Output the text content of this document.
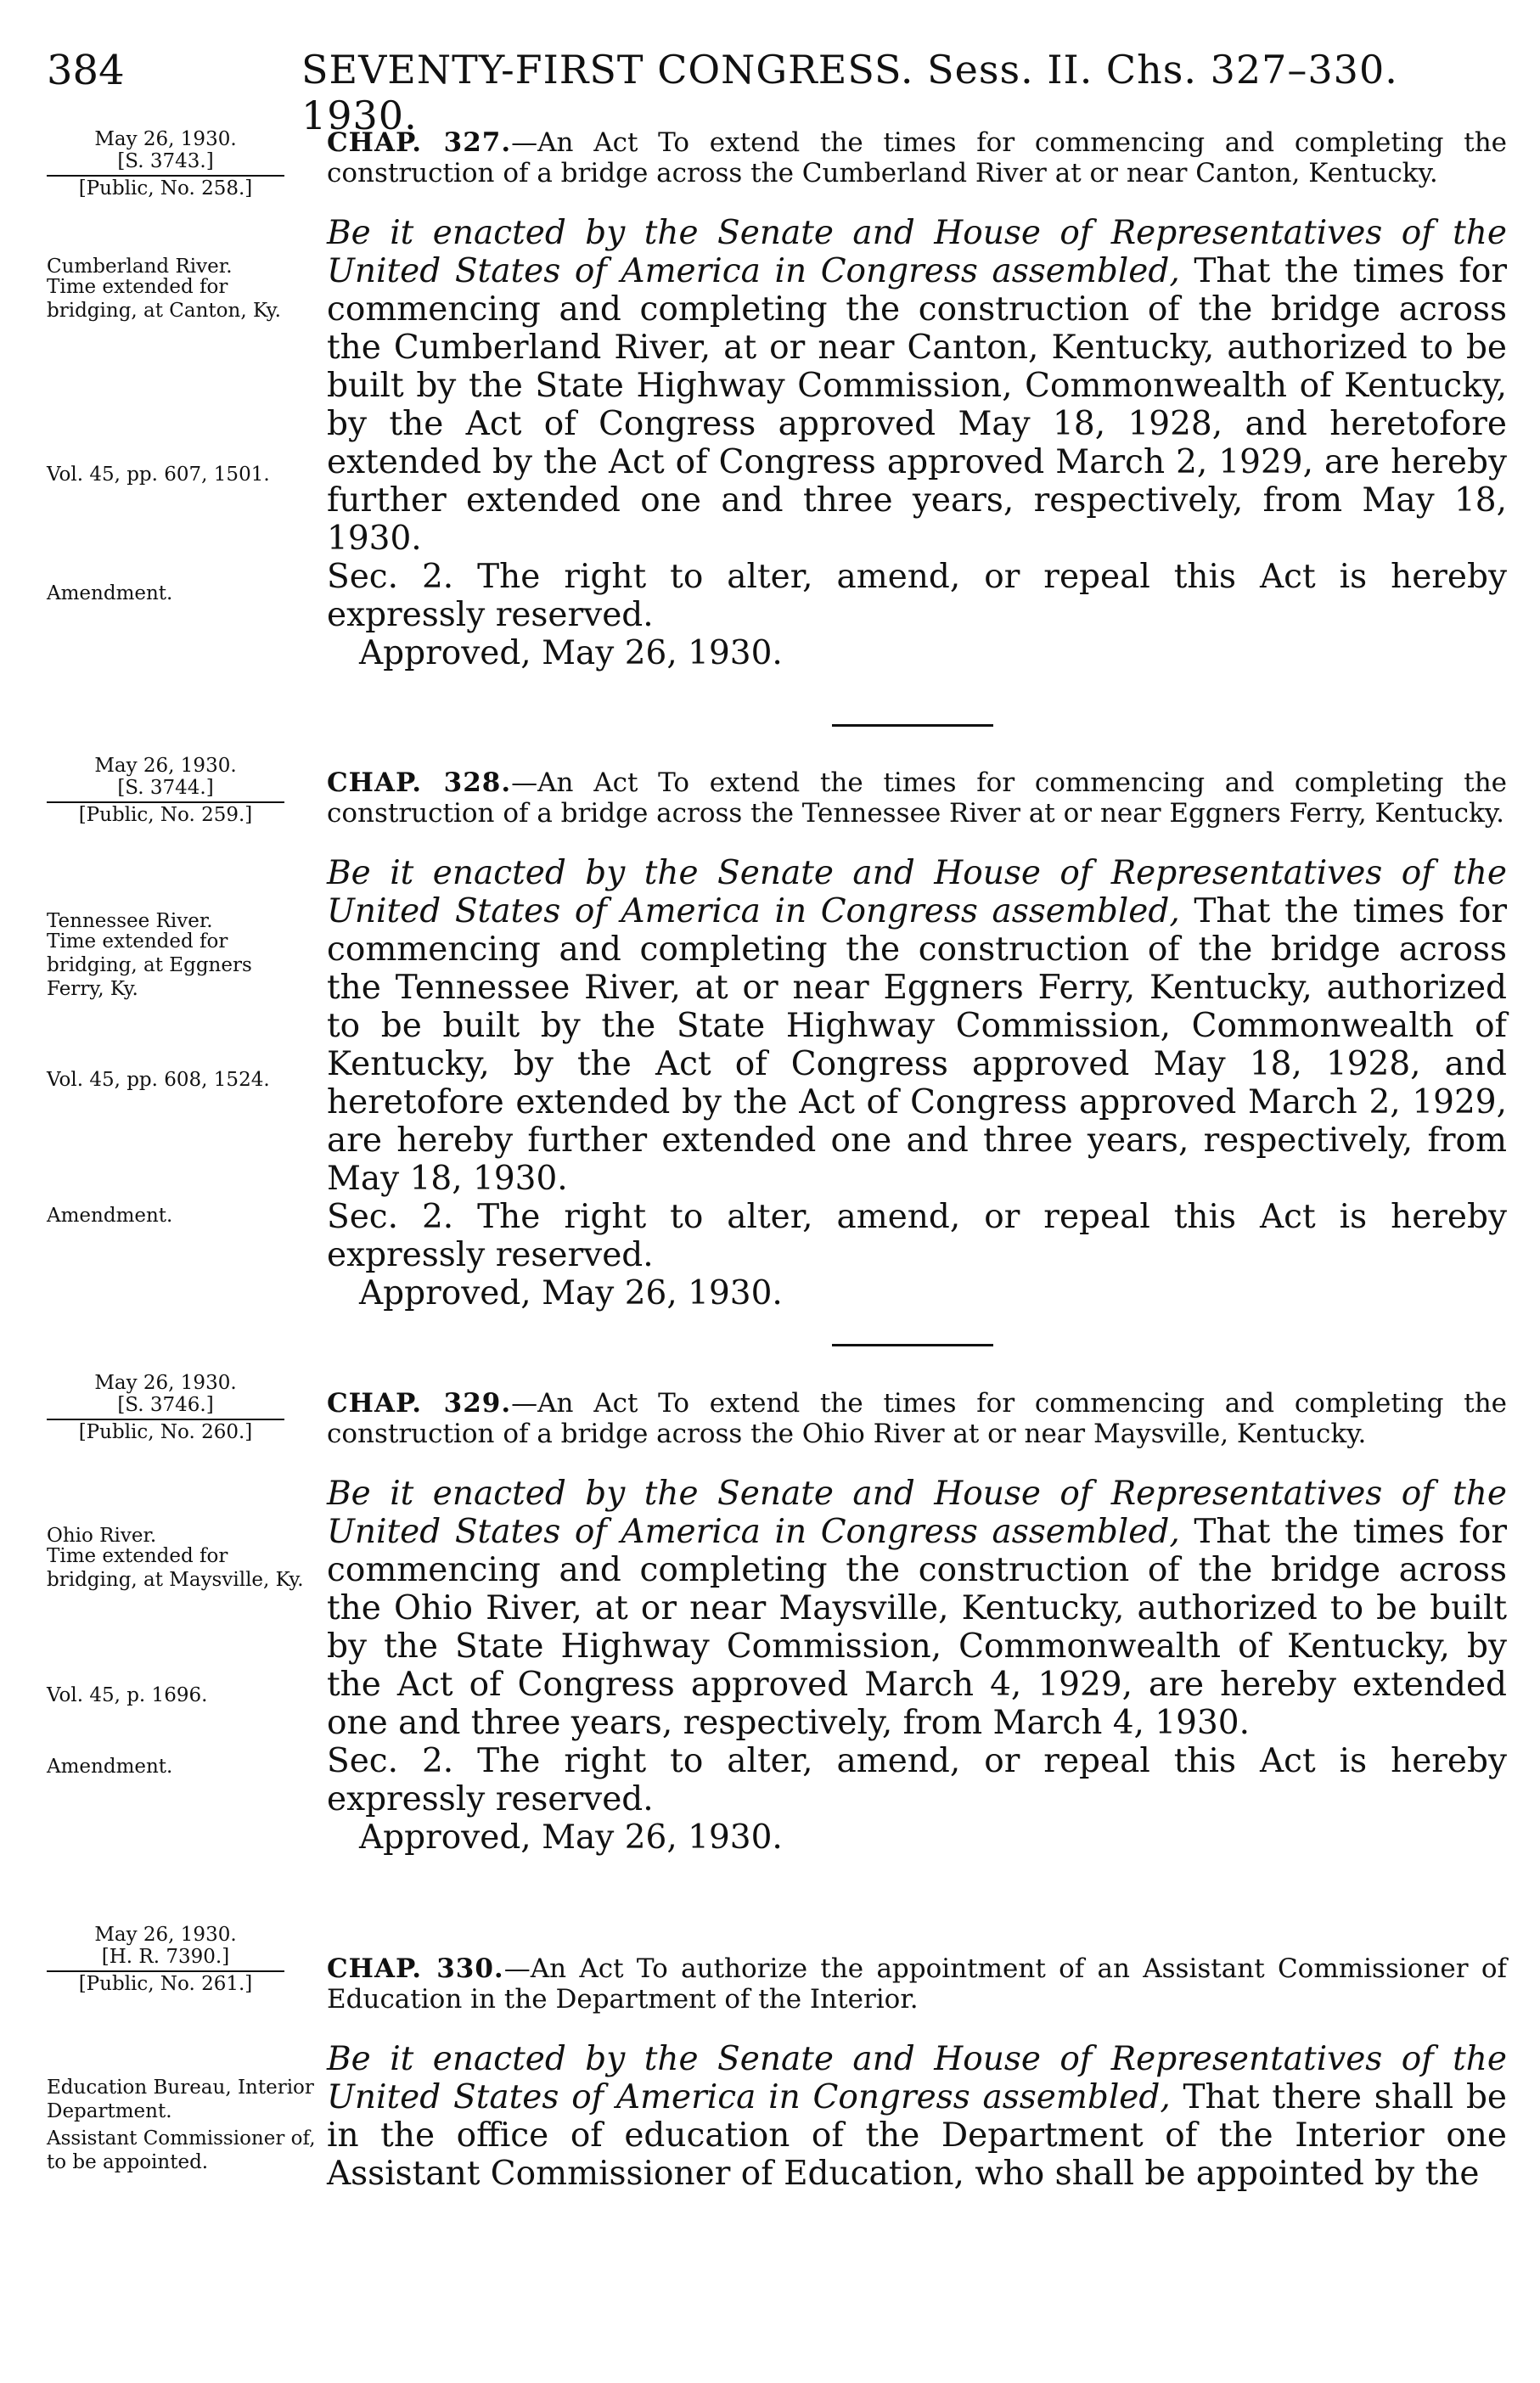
384	SEVENTY-FIRST CONGRESS. Sess. II. Chs. 327–330. 1930.
May 26, 1930.
[S. 3743.]
[Public, No. 258.]
Cumberland River.
Time extended for bridging, at Canton, Ky.
Vol. 45, pp. 607, 1501.
Amendment.

CHAP. 327.—An Act To extend the times for commencing and completing the construction of a bridge across the Cumberland River at or near Canton, Kentucky.

Be it enacted by the Senate and House of Representatives of the United States of America in Congress assembled, That the times for commencing and completing the construction of the bridge across the Cumberland River, at or near Canton, Kentucky, authorized to be built by the State Highway Commission, Commonwealth of Kentucky, by the Act of Congress approved May 18, 1928, and heretofore extended by the Act of Congress approved March 2, 1929, are hereby further extended one and three years, respectively, from May 18, 1930.

Sec. 2. The right to alter, amend, or repeal this Act is hereby expressly reserved.

Approved, May 26, 1930.

May 26, 1930.
[S. 3744.]
[Public, No. 259.]
Tennessee River.
Time extended for bridging, at Eggners Ferry, Ky.
Vol. 45, pp. 608, 1524.
Amendment.

CHAP. 328.—An Act To extend the times for commencing and completing the construction of a bridge across the Tennessee River at or near Eggners Ferry, Kentucky.

Be it enacted by the Senate and House of Representatives of the United States of America in Congress assembled, That the times for commencing and completing the construction of the bridge across the Tennessee River, at or near Eggners Ferry, Kentucky, authorized to be built by the State Highway Commission, Commonwealth of Kentucky, by the Act of Congress approved May 18, 1928, and heretofore extended by the Act of Congress approved March 2, 1929, are hereby further extended one and three years, respectively, from May 18, 1930.

Sec. 2. The right to alter, amend, or repeal this Act is hereby expressly reserved.

Approved, May 26, 1930.

May 26, 1930.
[S. 3746.]
[Public, No. 260.]
Ohio River.
Time extended for bridging, at Maysville, Ky.
Vol. 45, p. 1696.
Amendment.

CHAP. 329.—An Act To extend the times for commencing and completing the construction of a bridge across the Ohio River at or near Maysville, Kentucky.

Be it enacted by the Senate and House of Representatives of the United States of America in Congress assembled, That the times for commencing and completing the construction of the bridge across the Ohio River, at or near Maysville, Kentucky, authorized to be built by the State Highway Commission, Commonwealth of Kentucky, by the Act of Congress approved March 4, 1929, are hereby extended one and three years, respectively, from March 4, 1930.

Sec. 2. The right to alter, amend, or repeal this Act is hereby expressly reserved.

Approved, May 26, 1930.

May 26, 1930.
[H. R. 7390.]
[Public, No. 261.]
Education Bureau, Interior Department.
Assistant Commissioner of, to be appointed.

CHAP. 330.—An Act To authorize the appointment of an Assistant Commissioner of Education in the Department of the Interior.

Be it enacted by the Senate and House of Representatives of the United States of America in Congress assembled, That there shall be in the office of education of the Department of the Interior one Assistant Commissioner of Education, who shall be appointed by the
